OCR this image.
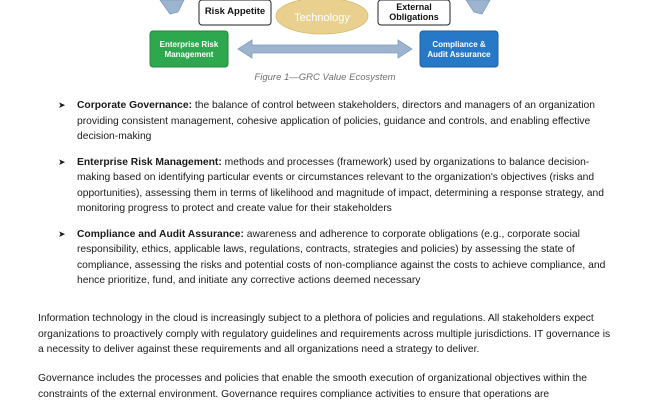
Risk Appetite
Technology
External
Obligations
Enterprise Risk
Management
Compliance &
Audit Assurance
Figure 1—GRC Value Ecosystem
➤ Corporate Governance: the balance of control between stakeholders, directors and managers of an organization providing consistent management, cohesive application of policies, guidance and controls, and enabling effective decision-making
➤ Enterprise Risk Management: methods and processes (framework) used by organizations to balance decision-making based on identifying particular events or circumstances relevant to the organization's objectives (risks and opportunities), assessing them in terms of likelihood and magnitude of impact, determining a response strategy, and monitoring progress to protect and create value for their stakeholders
➤ Compliance and Audit Assurance: awareness and adherence to corporate obligations (e.g., corporate social responsibility, ethics, applicable laws, regulations, contracts, strategies and policies) by assessing the state of compliance, assessing the risks and potential costs of non-compliance against the costs to achieve compliance, and hence prioritize, fund, and initiate any corrective actions deemed necessary

Information technology in the cloud is increasingly subject to a plethora of policies and regulations. All stakeholders expect organizations to proactively comply with regulatory guidelines and requirements across multiple jurisdictions. IT governance is a necessity to deliver against these requirements and all organizations need a strategy to deliver.

Governance includes the processes and policies that enable the smooth execution of organizational objectives within the constraints of the external environment. Governance requires compliance activities to ensure that operations are
